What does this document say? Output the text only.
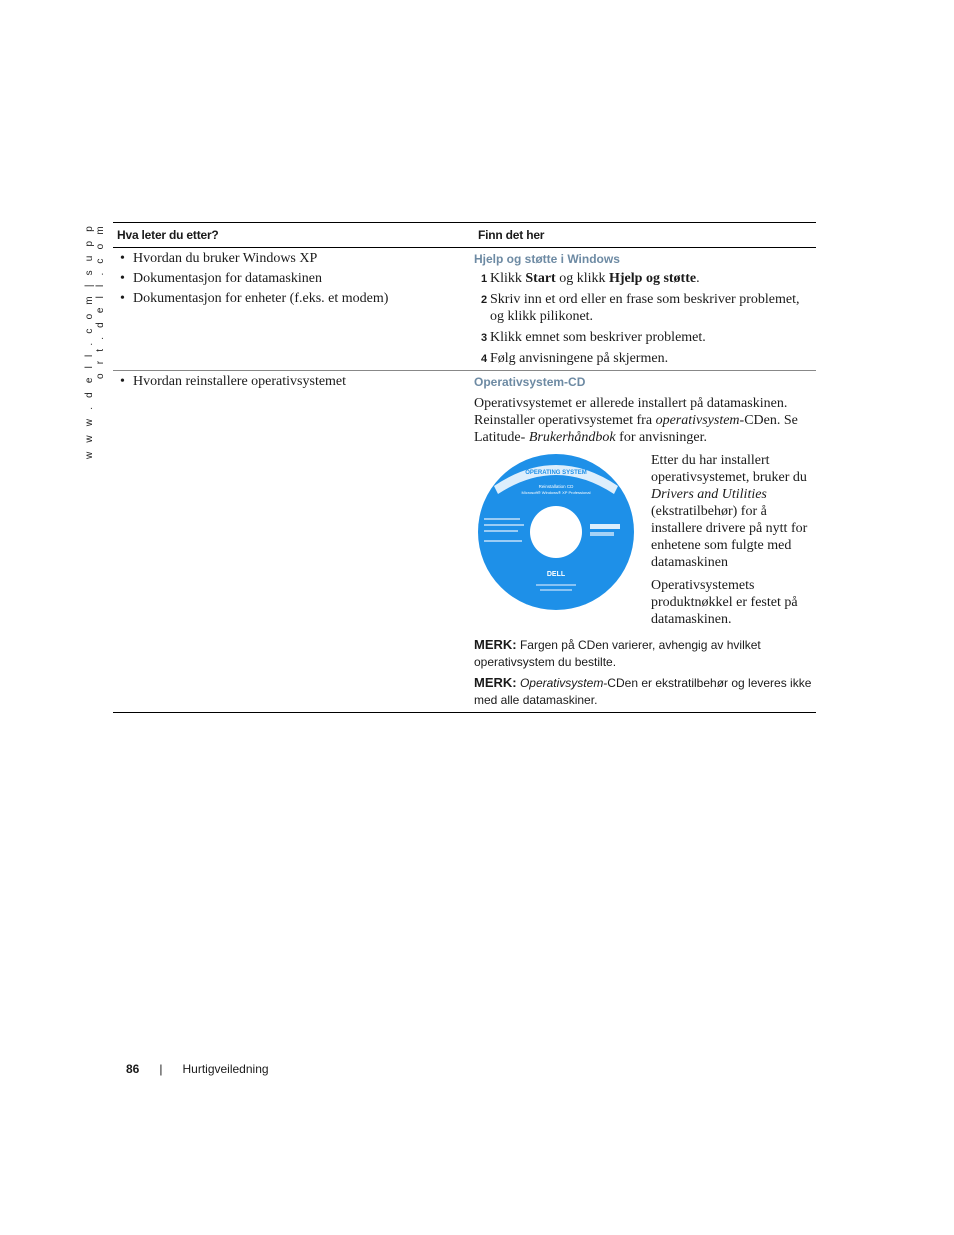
w w w . d e l l . c o m | s u p p o r t . d e l l . c o m Hva leter du etter?	Finn det her
• Hvordan du bruker Windows XP
• Dokumentasjon for datamaskinen
• Dokumentasjon for enheter (f.eks. et modem)
Hjelp og støtte i Windows
1 Klikk Start og klikk Hjelp og støtte.
2 Skriv inn et ord eller en frase som beskriver problemet, og klikk pilikonet.
3 Klikk emnet som beskriver problemet.
4 Følg anvisningene på skjermen.
• Hvordan reinstallere operativsystemet	Operativsystem-CD

Operativsystemet er allerede installert på datamaskinen. Reinstaller operativsystemet fra operativsystem-CDen. Se Latitude- Brukerhåndbok for anvisninger.

OPERATING SYSTEM
Reinstallation CD
Microsoft® Windows® XP Professional
DELL

Etter du har installert operativsystemet, bruker du Drivers and Utilities (ekstratilbehør) for å installere drivere på nytt for enhetene som fulgte med datamaskinen

Operativsystemets produktnøkkel er festet på datamaskinen.

MERK: Fargen på CDen varierer, avhengig av hvilket operativsystem du bestilte.
MERK: Operativsystem-CDen er ekstratilbehør og leveres ikke med alle datamaskiner.
86 | Hurtigveiledning
